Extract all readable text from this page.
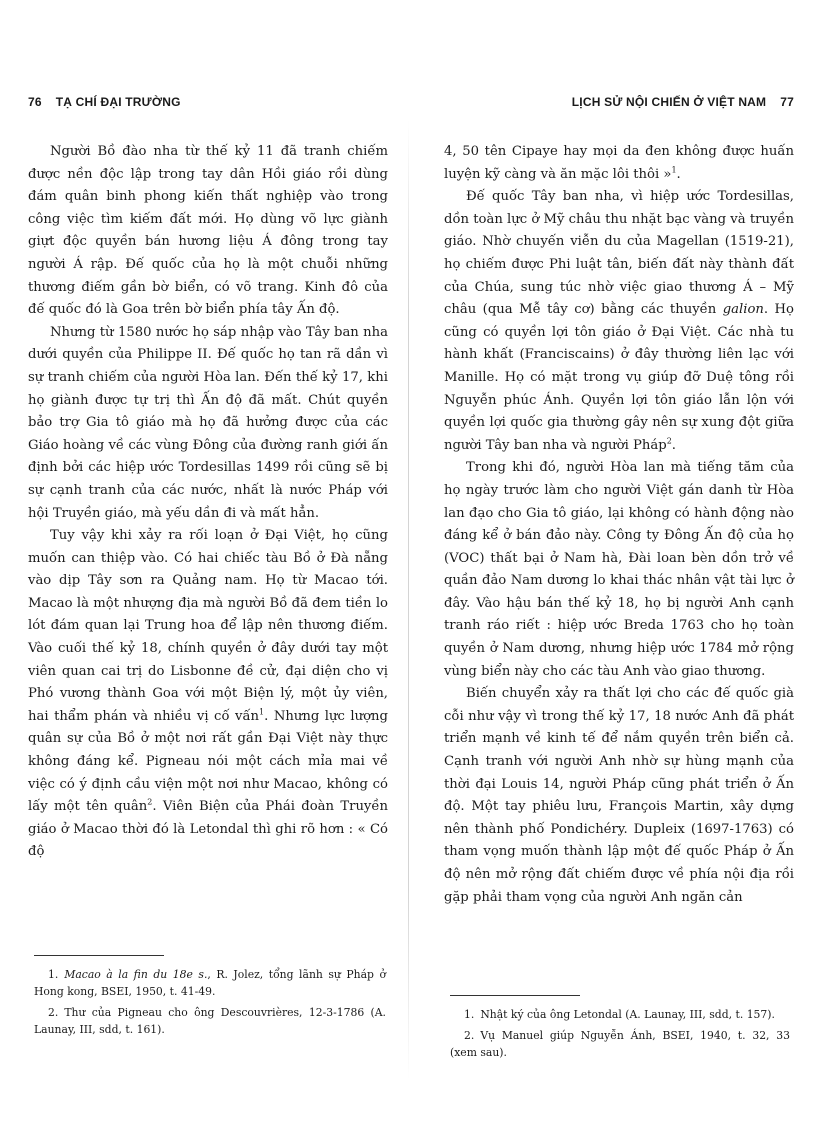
76 TẠ CHÍ ĐẠI TRƯỜNG

Người Bồ đào nha từ thế kỷ 11 đã tranh chiếm được nền độc lập trong tay dân Hồi giáo rồi dùng đám quân binh phong kiến thất nghiệp vào trong công việc tìm kiếm đất mới. Họ dùng võ lực giành giựt độc quyền bán hương liệu Á đông trong tay người Á rập. Đế quốc của họ là một chuỗi những thương điếm gần bờ biển, có võ trang. Kinh đô của đế quốc đó là Goa trên bờ biển phía tây Ấn độ.

Nhưng từ 1580 nước họ sáp nhập vào Tây ban nha dưới quyền của Philippe II. Đế quốc họ tan rã dần vì sự tranh chiếm của người Hòa lan. Đến thế kỷ 17, khi họ giành được tự trị thì Ấn độ đã mất. Chút quyền bảo trợ Gia tô giáo mà họ đã hưởng được của các Giáo hoàng về các vùng Đông của đường ranh giới ấn định bởi các hiệp ước Tordesillas 1499 rồi cũng sẽ bị sự cạnh tranh của các nước, nhất là nước Pháp với hội Truyền giáo, mà yếu dần đi và mất hẳn.

Tuy vậy khi xảy ra rối loạn ở Đại Việt, họ cũng muốn can thiệp vào. Có hai chiếc tàu Bồ ở Đà nẵng vào dịp Tây sơn ra Quảng nam. Họ từ Macao tới. Macao là một nhượng địa mà người Bồ đã đem tiền lo lót đám quan lại Trung hoa để lập nên thương điếm. Vào cuối thế kỷ 18, chính quyền ở đây dưới tay một viên quan cai trị do Lisbonne đề cử, đại diện cho vị Phó vương thành Goa với một Biện lý, một ủy viên, hai thẩm phán và nhiều vị cố vấn$^1$. Nhưng lực lượng quân sự của Bồ ở một nơi rất gần Đại Việt này thực không đáng kể. Pigneau nói một cách mỉa mai về việc có ý định cầu viện một nơi như Macao, không có lấy một tên quân$^2$. Viên Biện của Phái đoàn Truyền giáo ở Macao thời đó là Letondal thì ghi rõ hơn : « Có độ

1. Macao à la fin du 18e s., R. Jolez, tổng lãnh sự Pháp ở Hong kong, BSEI, 1950, t. 41-49.

2. Thư của Pigneau cho ông Descouvrières, 12-3-1786 (A. Launay, III, sdd, t. 161).

LỊCH SỬ NỘI CHIẾN Ở VIỆT NAM 77

4, 50 tên Cipaye hay mọi da đen không được huấn luyện kỹ càng và ăn mặc lôi thôi »$^1$.

Đế quốc Tây ban nha, vì hiệp ước Tordesillas, dồn toàn lực ở Mỹ châu thu nhặt bạc vàng và truyền giáo. Nhờ chuyến viễn du của Magellan (1519-21), họ chiếm được Phi luật tân, biến đất này thành đất của Chúa, sung túc nhờ việc giao thương Á – Mỹ châu (qua Mễ tây cơ) bằng các thuyền galion. Họ cũng có quyền lợi tôn giáo ở Đại Việt. Các nhà tu hành khất (Franciscains) ở đây thường liên lạc với Manille. Họ có mặt trong vụ giúp đỡ Duệ tông rồi Nguyễn phúc Ánh. Quyền lợi tôn giáo lẫn lộn với quyền lợi quốc gia thường gây nên sự xung đột giữa người Tây ban nha và người Pháp$^2$.

Trong khi đó, người Hòa lan mà tiếng tăm của họ ngày trước làm cho người Việt gán danh từ Hòa lan đạo cho Gia tô giáo, lại không có hành động nào đáng kể ở bán đảo này. Công ty Đông Ấn độ của họ (VOC) thất bại ở Nam hà, Đài loan bèn dồn trở về quần đảo Nam dương lo khai thác nhân vật tài lực ở đây. Vào hậu bán thế kỷ 18, họ bị người Anh cạnh tranh ráo riết : hiệp ước Breda 1763 cho họ toàn quyền ở Nam dương, nhưng hiệp ước 1784 mở rộng vùng biển này cho các tàu Anh vào giao thương.

Biến chuyển xảy ra thất lợi cho các đế quốc già cỗi như vậy vì trong thế kỷ 17, 18 nước Anh đã phát triển mạnh về kinh tế để nắm quyền trên biển cả. Cạnh tranh với người Anh nhờ sự hùng mạnh của thời đại Louis 14, người Pháp cũng phát triển ở Ấn độ. Một tay phiêu lưu, François Martin, xây dựng nên thành phố Pondichéry. Dupleix (1697-1763) có tham vọng muốn thành lập một đế quốc Pháp ở Ấn độ nên mở rộng đất chiếm được về phía nội địa rồi gặp phải tham vọng của người Anh ngăn cản

1. Nhật ký của ông Letondal (A. Launay, III, sdd, t. 157).

2. Vụ Manuel giúp Nguyễn Ánh, BSEI, 1940, t. 32, 33 (xem sau).
